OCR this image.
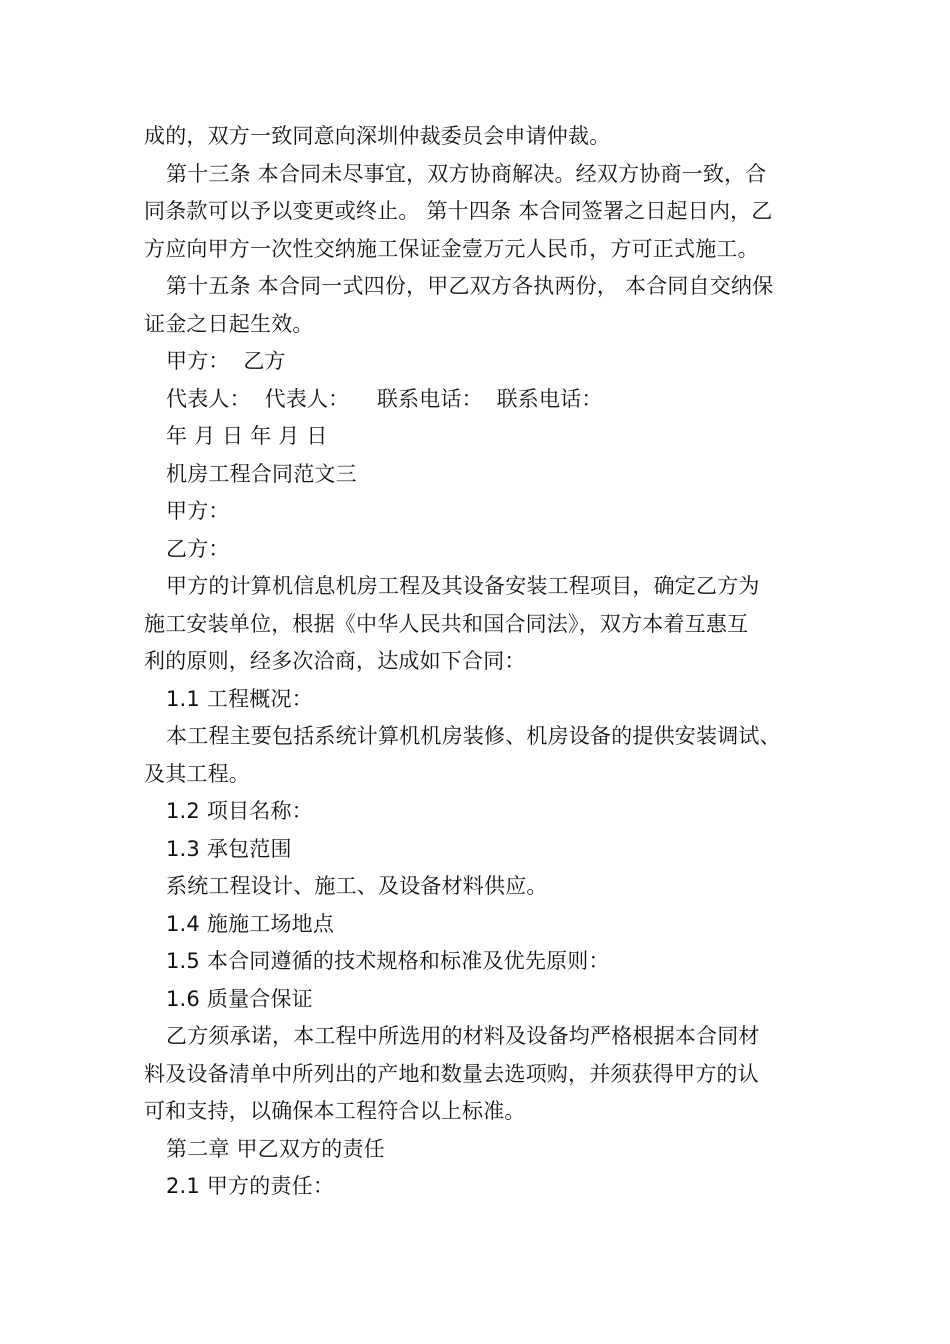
成的，双方一致同意向深圳仲裁委员会申请仲裁。

第十三条 本合同未尽事宜，双方协商解决。经双方协商一致，合

同条款可以予以变更或终止。 第十四条 本合同签署之日起日内，乙

方应向甲方一次性交纳施工保证金壹万元人民币，方可正式施工。

第十五条 本合同一式四份，甲乙双方各执两份， 本合同自交纳保

证金之日起生效。

甲方：  乙方

代表人：  代表人：    联系电话：  联系电话：

年 月 日 年 月 日

机房工程合同范文三

甲方：

乙方：

甲方的计算机信息机房工程及其设备安装工程项目，确定乙方为

施工安装单位，根据《中华人民共和国合同法》，双方本着互惠互

利的原则，经多次洽商，达成如下合同：

1.1 工程概况：

本工程主要包括系统计算机机房装修、机房设备的提供安装调试、

及其工程。

1.2 项目名称：

1.3 承包范围

系统工程设计、施工、及设备材料供应。

1.4 施施工场地点

1.5 本合同遵循的技术规格和标准及优先原则：

1.6 质量合保证

乙方须承诺，本工程中所选用的材料及设备均严格根据本合同材

料及设备清单中所列出的产地和数量去选项购，并须获得甲方的认

可和支持，以确保本工程符合以上标准。

第二章 甲乙双方的责任

2.1 甲方的责任：
